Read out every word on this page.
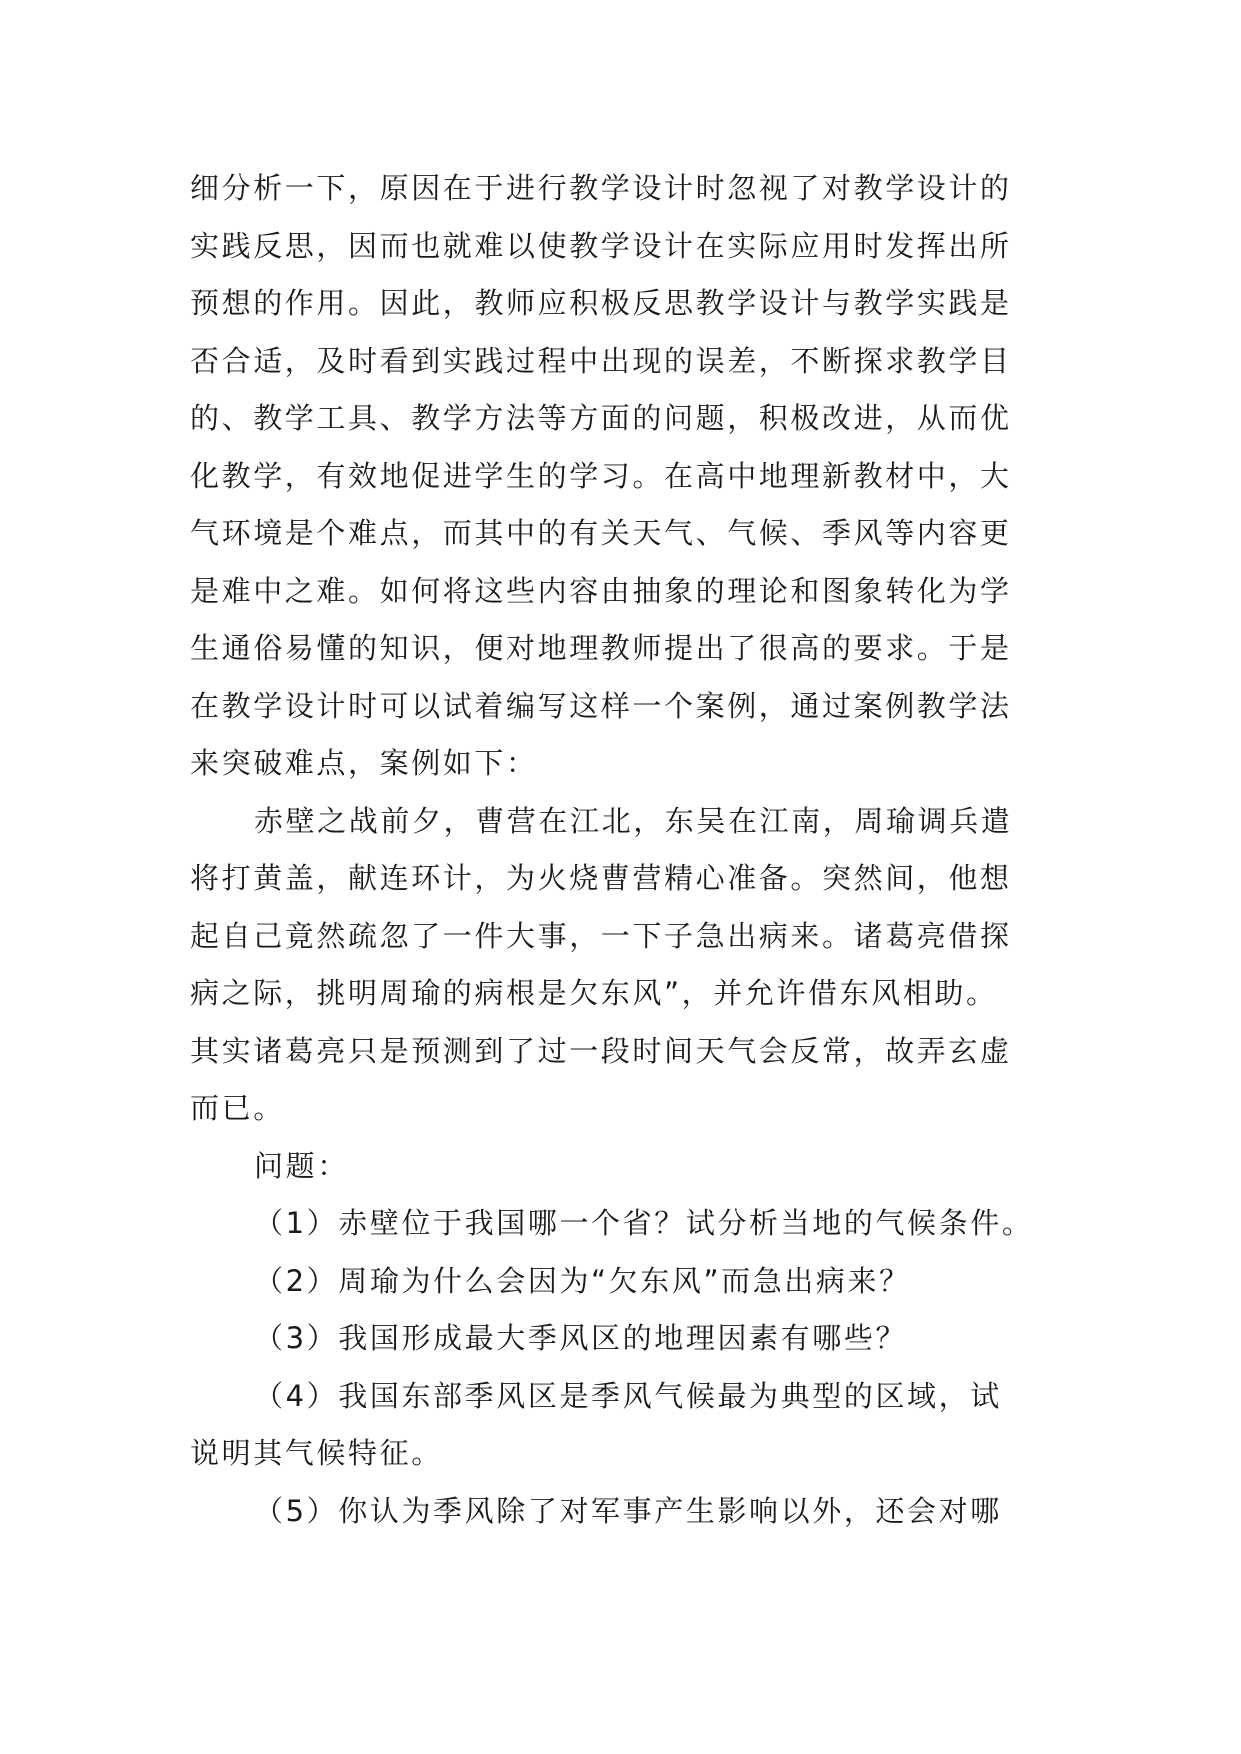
细分析一下，原因在于进行教学设计时忽视了对教学设计的
实践反思，因而也就难以使教学设计在实际应用时发挥出所
预想的作用。因此，教师应积极反思教学设计与教学实践是
否合适，及时看到实践过程中出现的误差，不断探求教学目
的、教学工具、教学方法等方面的问题，积极改进，从而优
化教学，有效地促进学生的学习。在高中地理新教材中，大
气环境是个难点，而其中的有关天气、气候、季风等内容更
是难中之难。如何将这些内容由抽象的理论和图象转化为学
生通俗易懂的知识，便对地理教师提出了很高的要求。于是
在教学设计时可以试着编写这样一个案例，通过案例教学法
来突破难点，案例如下：
赤壁之战前夕，曹营在江北，东吴在江南，周瑜调兵遣
将打黄盖，献连环计，为火烧曹营精心准备。突然间，他想
起自己竟然疏忽了一件大事，一下子急出病来。诸葛亮借探
病之际，挑明周瑜的病根是欠东风”，并允许借东风相助。
其实诸葛亮只是预测到了过一段时间天气会反常，故弄玄虚
而已。
问题：
（1）赤壁位于我国哪一个省？试分析当地的气候条件。
（2）周瑜为什么会因为“欠东风”而急出病来？
（3）我国形成最大季风区的地理因素有哪些？
（4）我国东部季风区是季风气候最为典型的区域，试
说明其气候特征。
（5）你认为季风除了对军事产生影响以外，还会对哪
